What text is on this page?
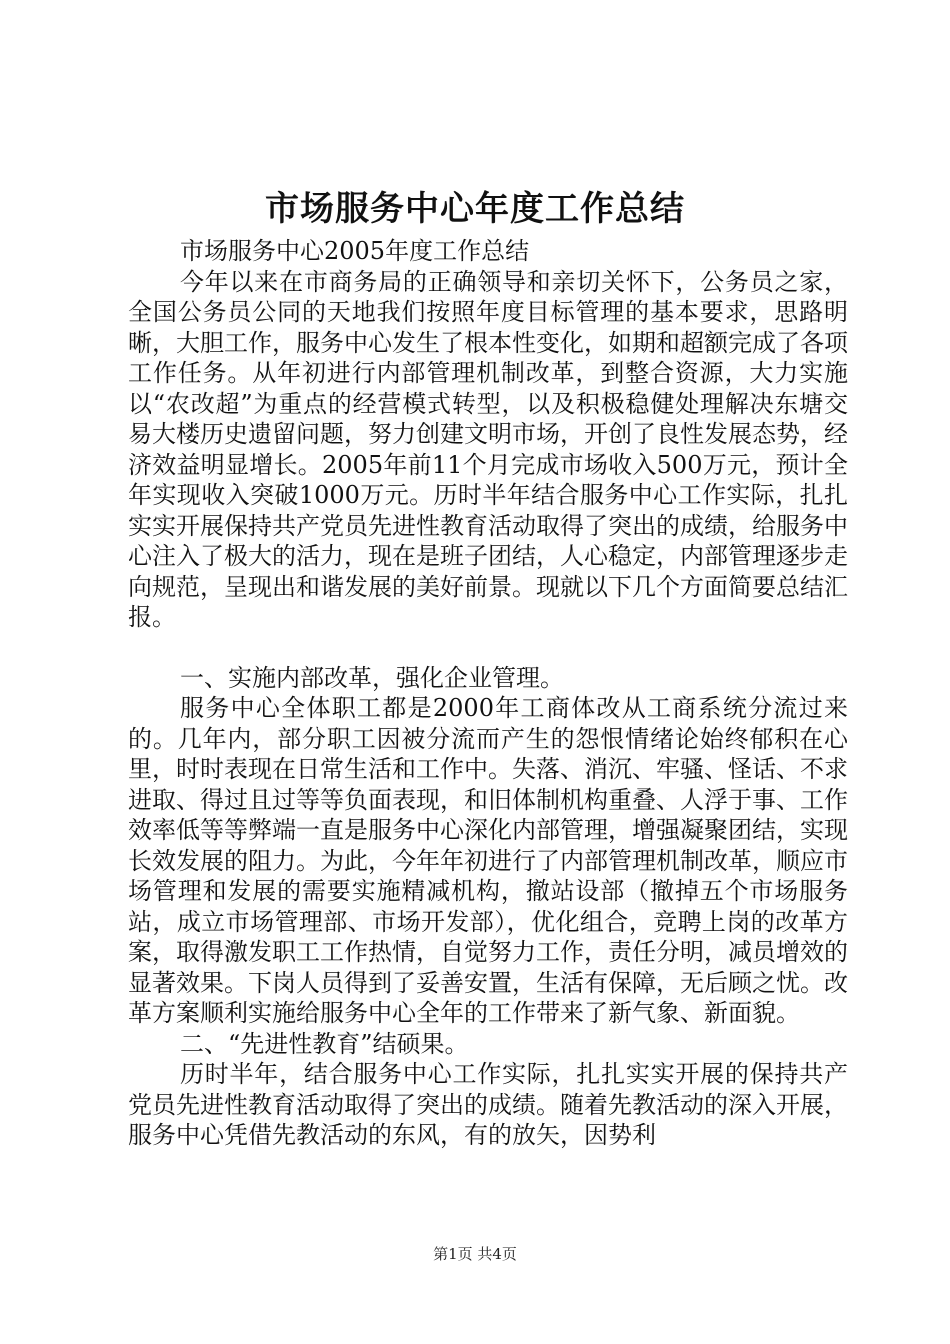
市场服务中心年度工作总结

市场服务中心2005年度工作总结

今年以来在市商务局的正确领导和亲切关怀下，公务员之家，全国公务员公同的天地我们按照年度目标管理的基本要求，思路明晰，大胆工作，服务中心发生了根本性变化，如期和超额完成了各项工作任务。从年初进行内部管理机制改革，到整合资源，大力实施以“农改超”为重点的经营模式转型，以及积极稳健处理解决东塘交易大楼历史遗留问题，努力创建文明市场，开创了良性发展态势，经济效益明显增长。2005年前11个月完成市场收入500万元，预计全年实现收入突破1000万元。历时半年结合服务中心工作实际，扎扎实实开展保持共产党员先进性教育活动取得了突出的成绩，给服务中心注入了极大的活力，现在是班子团结，人心稳定，内部管理逐步走向规范，呈现出和谐发展的美好前景。现就以下几个方面简要总结汇报。

一、实施内部改革，强化企业管理。

服务中心全体职工都是2000年工商体改从工商系统分流过来的。几年内，部分职工因被分流而产生的怨恨情绪论始终郁积在心里，时时表现在日常生活和工作中。失落、消沉、牢骚、怪话、不求进取、得过且过等等负面表现，和旧体制机构重叠、人浮于事、工作效率低等等弊端一直是服务中心深化内部管理，增强凝聚团结，实现长效发展的阻力。为此，今年年初进行了内部管理机制改革，顺应市场管理和发展的需要实施精减机构，撤站设部（撤掉五个市场服务站，成立市场管理部、市场开发部），优化组合，竞聘上岗的改革方案，取得激发职工工作热情，自觉努力工作，责任分明，减员增效的显著效果。下岗人员得到了妥善安置，生活有保障，无后顾之忧。改革方案顺利实施给服务中心全年的工作带来了新气象、新面貌。

二、“先进性教育”结硕果。

历时半年，结合服务中心工作实际，扎扎实实开展的保持共产党员先进性教育活动取得了突出的成绩。随着先教活动的深入开展，服务中心凭借先教活动的东风，有的放矢，因势利

第1页 共4页
